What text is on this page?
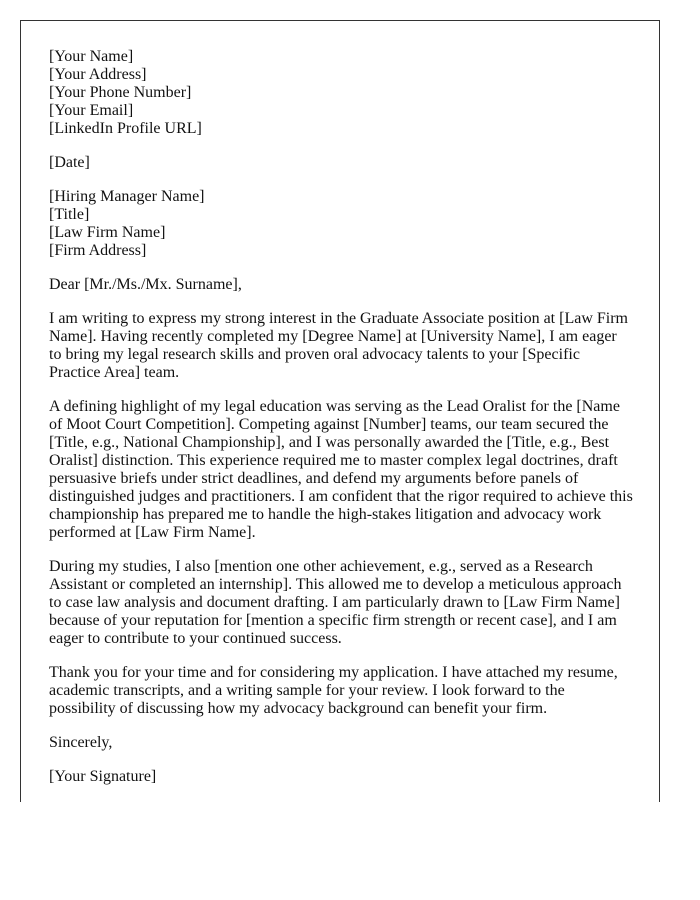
[Your Name]
[Your Address]
[Your Phone Number]
[Your Email]
[LinkedIn Profile URL]
[Date]
[Hiring Manager Name]
[Title]
[Law Firm Name]
[Firm Address]
Dear [Mr./Ms./Mx. Surname],

I am writing to express my strong interest in the Graduate Associate position at [Law Firm
Name]. Having recently completed my [Degree Name] at [University Name], I am eager
to bring my legal research skills and proven oral advocacy talents to your [Specific
Practice Area] team.

A defining highlight of my legal education was serving as the Lead Oralist for the [Name
of Moot Court Competition]. Competing against [Number] teams, our team secured the
[Title, e.g., National Championship], and I was personally awarded the [Title, e.g., Best
Oralist] distinction. This experience required me to master complex legal doctrines, draft
persuasive briefs under strict deadlines, and defend my arguments before panels of
distinguished judges and practitioners. I am confident that the rigor required to achieve this
championship has prepared me to handle the high-stakes litigation and advocacy work
performed at [Law Firm Name].

During my studies, I also [mention one other achievement, e.g., served as a Research
Assistant or completed an internship]. This allowed me to develop a meticulous approach
to case law analysis and document drafting. I am particularly drawn to [Law Firm Name]
because of your reputation for [mention a specific firm strength or recent case], and I am
eager to contribute to your continued success.

Thank you for your time and for considering my application. I have attached my resume,
academic transcripts, and a writing sample for your review. I look forward to the
possibility of discussing how my advocacy background can benefit your firm.

Sincerely,
[Your Signature]
